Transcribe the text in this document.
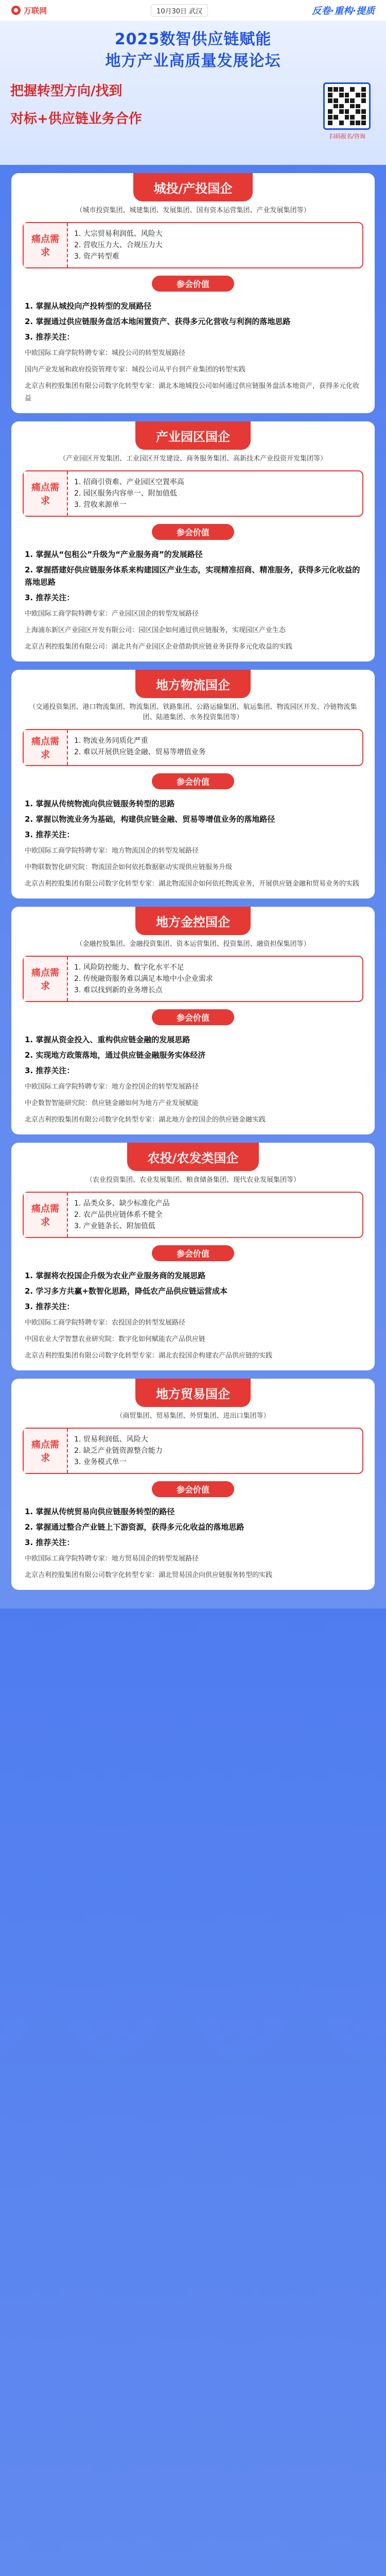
万联网	10月30日 武汉	反卷·重构·提质
2025数智供应链赋能
地方产业高质量发展论坛
把握转型方向/找到
对标+供应链业务合作
扫码报名/咨询
城投/产投国企
（城市投资集团、城建集团、发展集团、国有资本运营集团、产业发展集团等）
痛点需求
1. 大宗贸易利润低、风险大
2. 营收压力大、合规压力大
3. 资产转型难
参会价值

1. 掌握从城投向产投转型的发展路径

2. 掌握通过供应链服务盘活本地闲置资产、获得多元化营收与利润的落地思路

3. 推荐关注：

中欧国际工商学院特聘专家：城投公司的转型发展路径

国内产业发展和政府投资管理专家：城投公司从平台到产业集团的转型实践

北京吉利控股集团有限公司数字化转型专家：湖北本地城投公司如何通过供应链服务盘活本地资产，获得多元化收益

产业园区国企
（产业园区开发集团、工业园区开发建设、商务服务集团、高新技术产业投资开发集团等）
痛点需求
1. 招商引资难、产业园区空置率高
2. 园区服务内容单一、附加值低
3. 营收来源单一
参会价值

1. 掌握从“包租公”升级为“产业服务商”的发展路径

2. 掌握搭建好供应链服务体系来构建园区产业生态，实现精准招商、精准服务，获得多元化收益的落地思路

3. 推荐关注：

中欧国际工商学院特聘专家：产业园区国企的转型发展路径

上海浦东新区产业园区开发有限公司：园区国企如何通过供应链服务，实现园区产业生态

北京吉利控股集团有限公司：湖北共有产业园区企业借助供应链业务获得多元化收益的实践

地方物流国企
（交通投资集团、港口物流集团、物流集团、铁路集团、公路运输集团、航运集团、物流园区开发、冷链物流集团、陆港集团、水务投资集团等）
痛点需求
1. 物流业务同质化严重
2. 难以开展供应链金融、贸易等增值业务
参会价值

1. 掌握从传统物流向供应链服务转型的思路

2. 掌握以物流业务为基础，构建供应链金融、贸易等增值业务的落地路径

3. 推荐关注：

中欧国际工商学院特聘专家：地方物流国企的转型发展路径

中物联数智化研究院：物流国企如何依托数据驱动实现供应链服务升级

北京吉利控股集团有限公司数字化转型专家：湖北物流国企如何依托物流业务，开展供应链金融和贸易业务的实践

地方金控国企
（金融控股集团、金融投资集团、资本运营集团、投资集团、融资担保集团等）
痛点需求
1. 风险防控能力、数字化水平不足
2. 传统融资服务难以满足本地中小企业需求
3. 难以找到新的业务增长点
参会价值

1. 掌握从资金投入、重构供应链金融的发展思路

2. 实现地方政策落地，通过供应链金融服务实体经济

3. 推荐关注：

中欧国际工商学院特聘专家：地方金控国企的转型发展路径

中企数智智能研究院：供应链金融如何为地方产业发展赋能

北京吉利控股集团有限公司数字化转型专家：湖北地方金控国企的供应链金融实践

农投/农发类国企
（农业投资集团、农业发展集团、粮食储备集团、现代农业发展集团等）
痛点需求
1. 品类众多、缺少标准化产品
2. 农产品供应链体系不健全
3. 产业链条长、附加值低
参会价值

1. 掌握将农投国企升级为农业产业服务商的发展思路

2. 学习多方共赢+数智化思路，降低农产品供应链运营成本

3. 推荐关注：

中欧国际工商学院特聘专家：农投国企的转型发展路径

中国农业大学智慧农业研究院：数字化如何赋能农产品供应链

北京吉利控股集团有限公司数字化转型专家：湖北农投国企构建农产品供应链的实践

地方贸易国企
（商贸集团、贸易集团、外贸集团、进出口集团等）
痛点需求
1. 贸易利润低、风险大
2. 缺乏产业链资源整合能力
3. 业务模式单一
参会价值

1. 掌握从传统贸易向供应链服务转型的路径

2. 掌握通过整合产业链上下游资源，获得多元化收益的落地思路

3. 推荐关注：

中欧国际工商学院特聘专家：地方贸易国企的转型发展路径

北京吉利控股集团有限公司数字化转型专家：湖北贸易国企向供应链服务转型的实践
